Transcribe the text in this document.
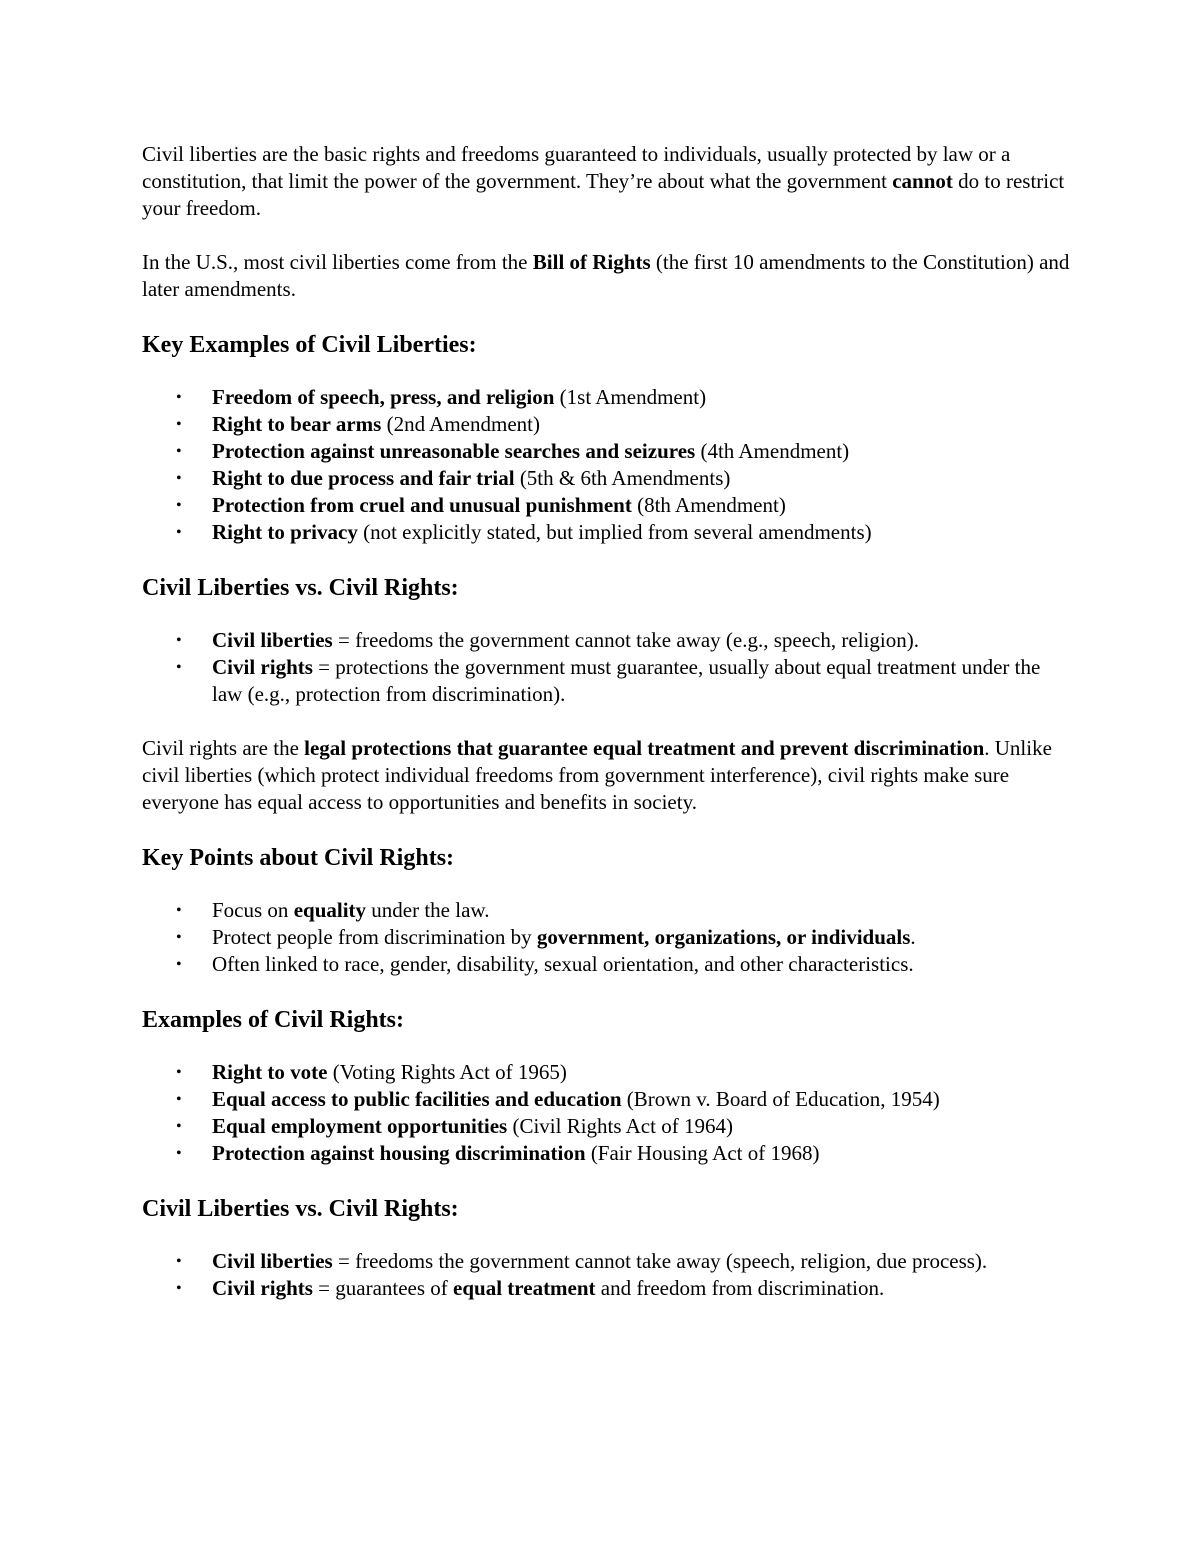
Civil liberties are the basic rights and freedoms guaranteed to individuals, usually protected by law or a constitution, that limit the power of the government. They’re about what the government cannot do to restrict your freedom.

In the U.S., most civil liberties come from the Bill of Rights (the first 10 amendments to the Constitution) and later amendments.

Key Examples of Civil Liberties:
• Freedom of speech, press, and religion (1st Amendment)
• Right to bear arms (2nd Amendment)
• Protection against unreasonable searches and seizures (4th Amendment)
• Right to due process and fair trial (5th & 6th Amendments)
• Protection from cruel and unusual punishment (8th Amendment)
• Right to privacy (not explicitly stated, but implied from several amendments)
Civil Liberties vs. Civil Rights:
• Civil liberties = freedoms the government cannot take away (e.g., speech, religion).
• Civil rights = protections the government must guarantee, usually about equal treatment under the law (e.g., protection from discrimination).

Civil rights are the legal protections that guarantee equal treatment and prevent discrimination. Unlike civil liberties (which protect individual freedoms from government interference), civil rights make sure everyone has equal access to opportunities and benefits in society.

Key Points about Civil Rights:
• Focus on equality under the law.
• Protect people from discrimination by government, organizations, or individuals.
• Often linked to race, gender, disability, sexual orientation, and other characteristics.
Examples of Civil Rights:
• Right to vote (Voting Rights Act of 1965)
• Equal access to public facilities and education (Brown v. Board of Education, 1954)
• Equal employment opportunities (Civil Rights Act of 1964)
• Protection against housing discrimination (Fair Housing Act of 1968)
Civil Liberties vs. Civil Rights:
• Civil liberties = freedoms the government cannot take away (speech, religion, due process).
• Civil rights = guarantees of equal treatment and freedom from discrimination.
